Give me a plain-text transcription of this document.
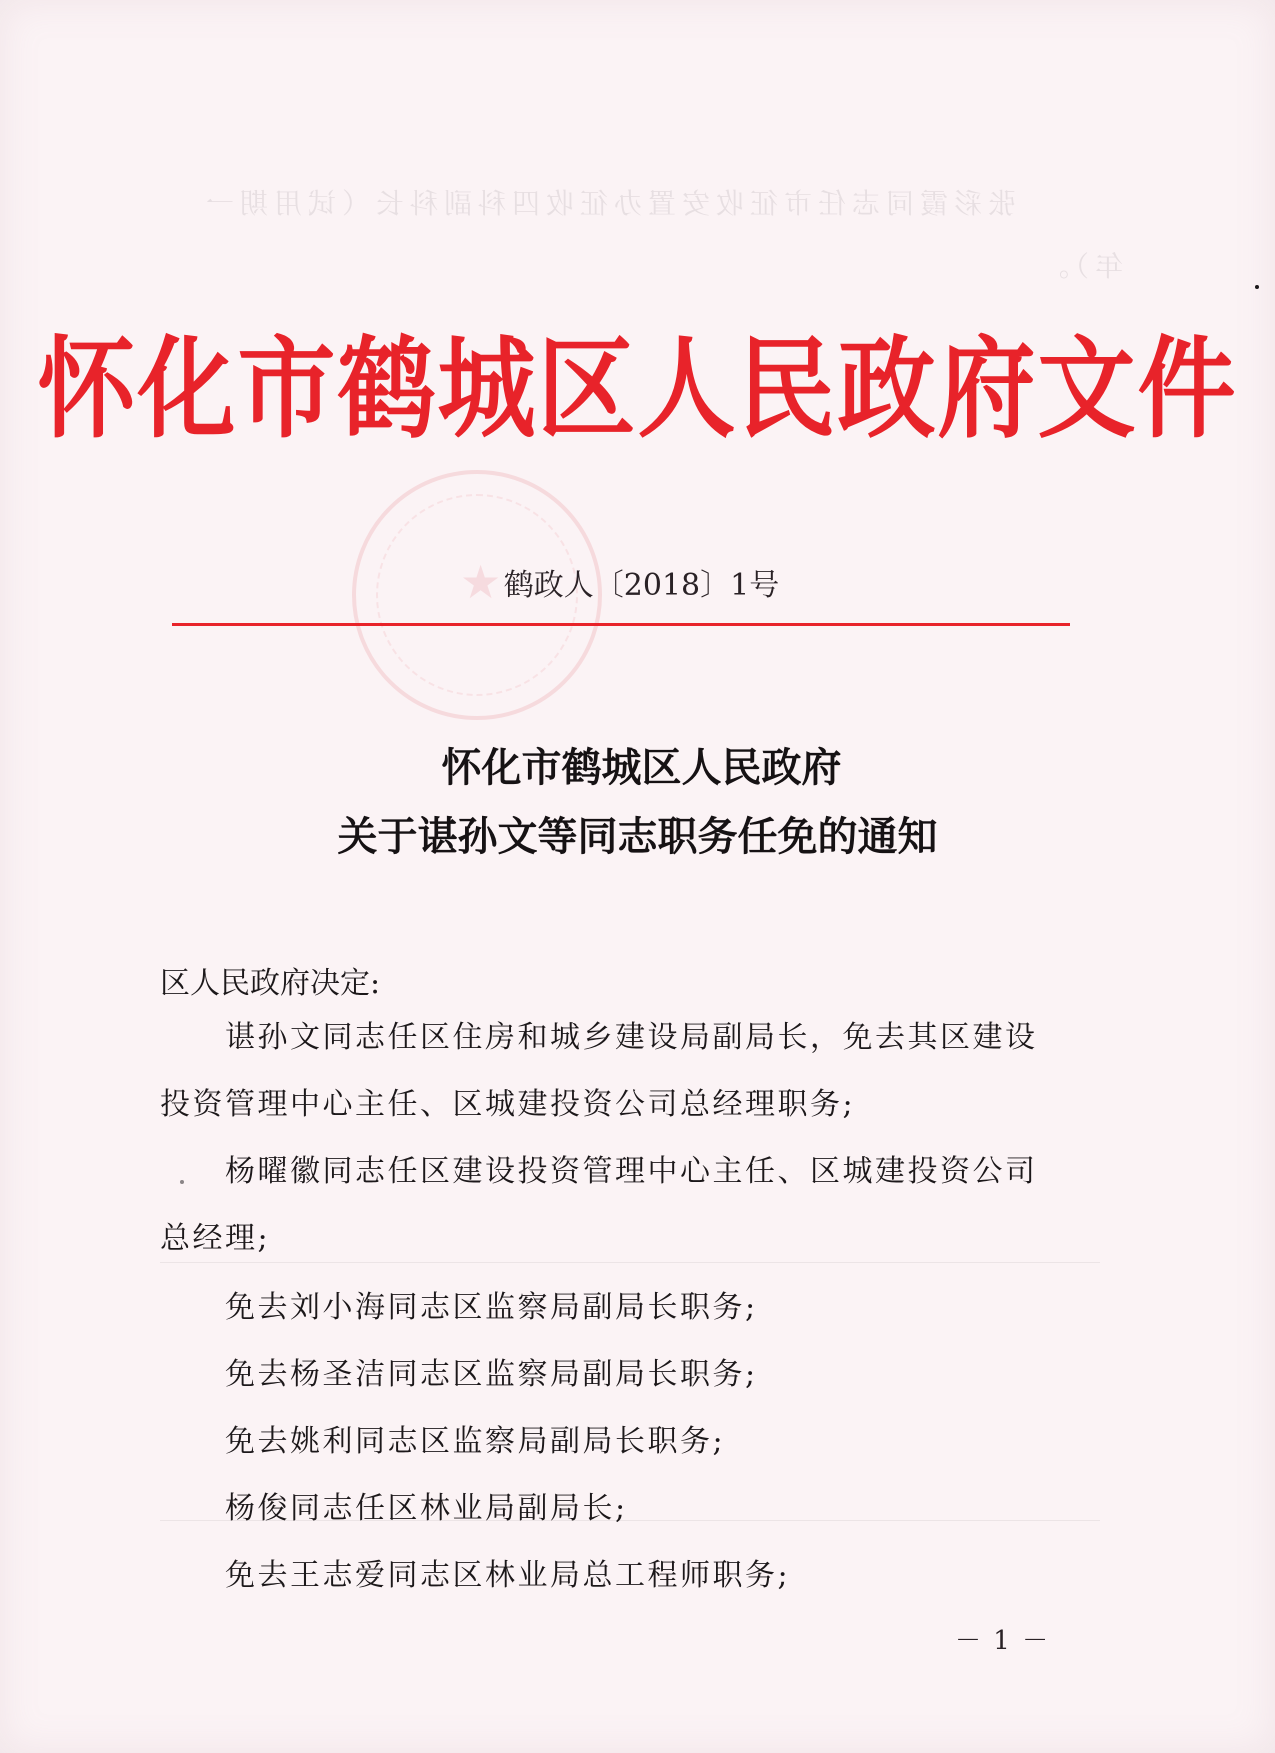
张彩霞同志任市征收安置办征收四科副科长（试用期一
年）。
★
怀化市鹤城区人民政府文件
鹤政人〔2018〕1号
怀化市鹤城区人民政府
关于谌孙文等同志职务任免的通知
区人民政府决定:
谌孙文同志任区住房和城乡建设局副局长，免去其区建设
投资管理中心主任、区城建投资公司总经理职务;
杨曜徽同志任区建设投资管理中心主任、区城建投资公司
总经理;
免去刘小海同志区监察局副局长职务;
免去杨圣洁同志区监察局副局长职务;
免去姚利同志区监察局副局长职务;
杨俊同志任区林业局副局长;
免去王志爱同志区林业局总工程师职务;
－ 1 －
